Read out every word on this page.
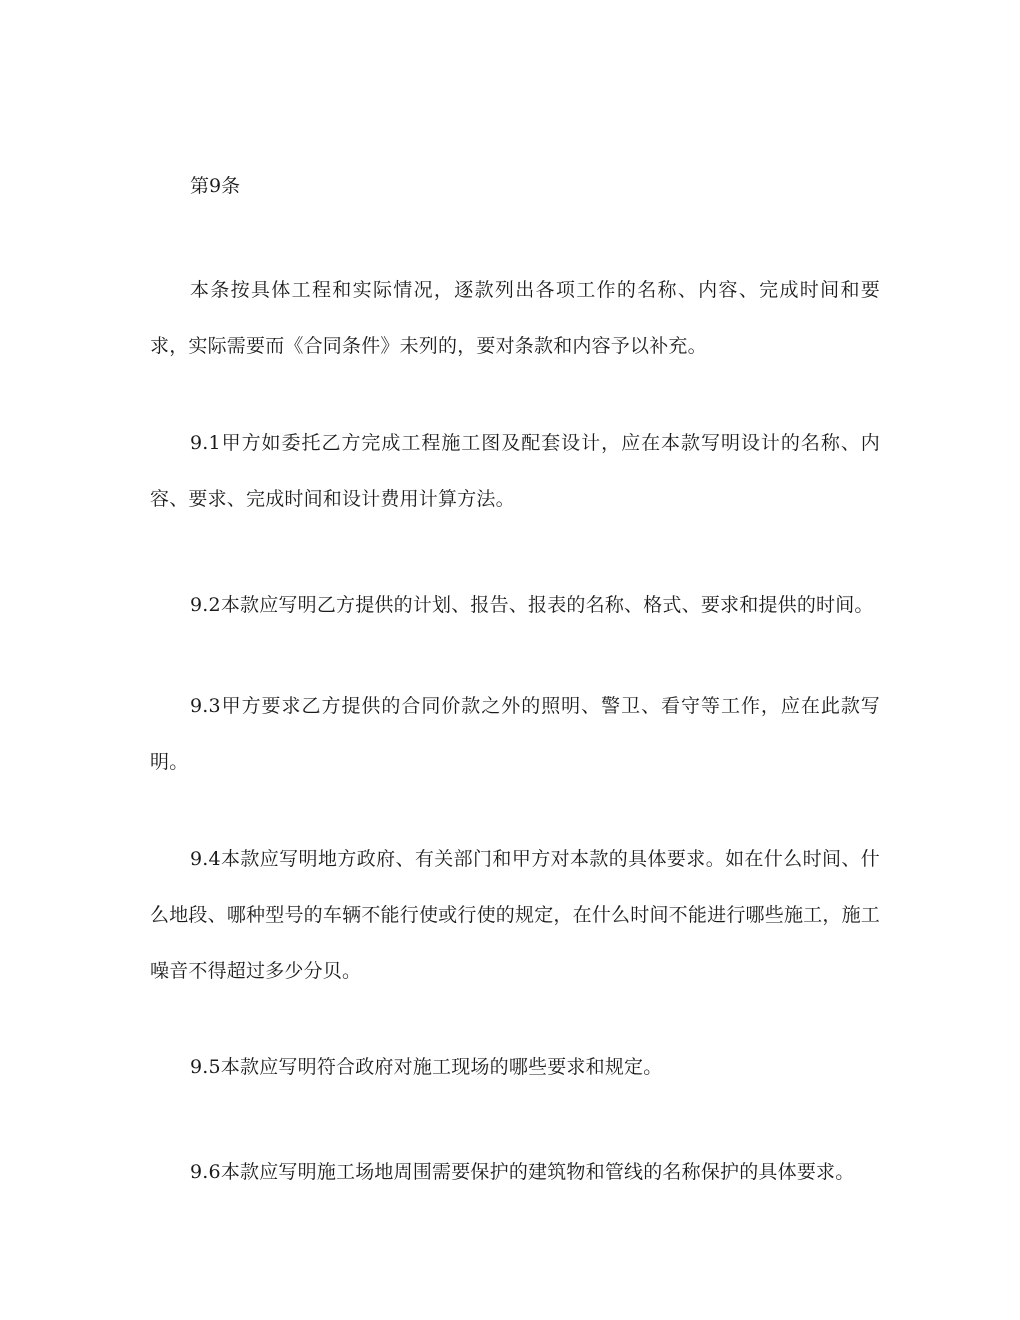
第9条

本条按具体工程和实际情况，逐款列出各项工作的名称、内容、完成时间和要求，实际需要而《合同条件》未列的，要对条款和内容予以补充。

9.1甲方如委托乙方完成工程施工图及配套设计，应在本款写明设计的名称、内容、要求、完成时间和设计费用计算方法。

9.2本款应写明乙方提供的计划、报告、报表的名称、格式、要求和提供的时间。

9.3甲方要求乙方提供的合同价款之外的照明、警卫、看守等工作，应在此款写明。

9.4本款应写明地方政府、有关部门和甲方对本款的具体要求。如在什么时间、什么地段、哪种型号的车辆不能行使或行使的规定，在什么时间不能进行哪些施工，施工噪音不得超过多少分贝。

9.5本款应写明符合政府对施工现场的哪些要求和规定。

9.6本款应写明施工场地周围需要保护的建筑物和管线的名称保护的具体要求。
